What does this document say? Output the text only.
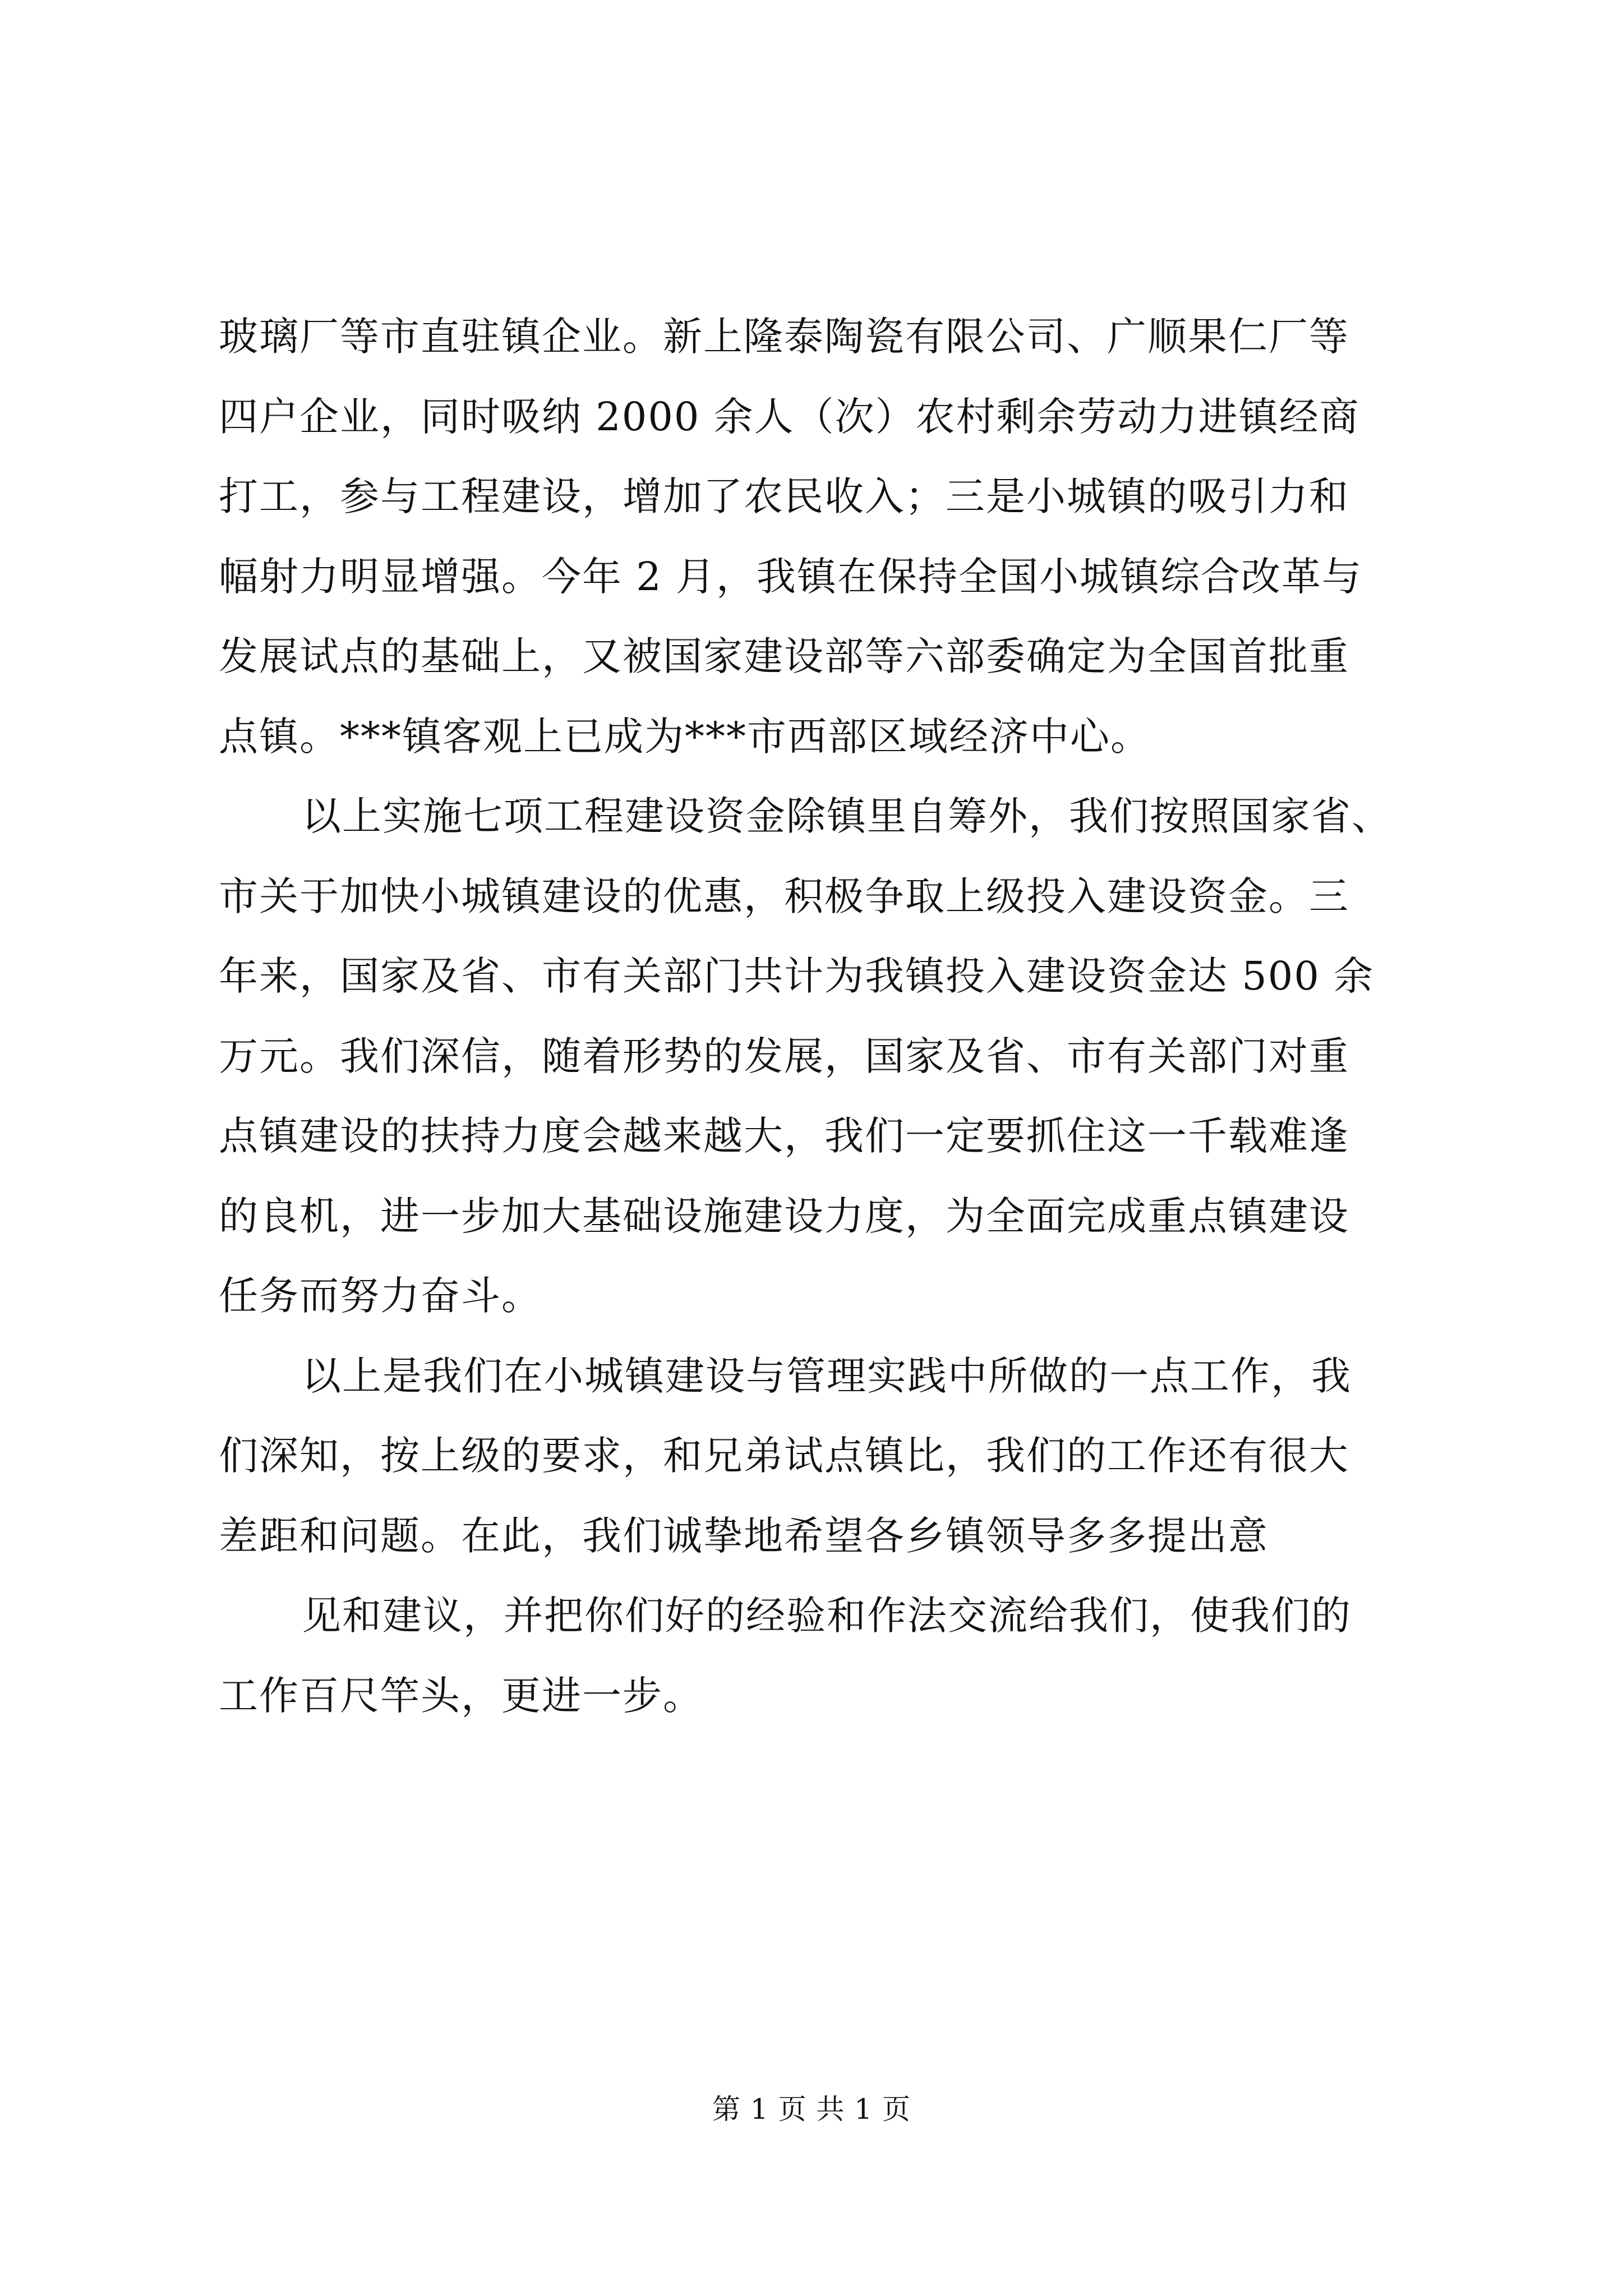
玻璃厂等市直驻镇企业。新上隆泰陶瓷有限公司、广顺果仁厂等
四户企业，同时吸纳 2000 余人（次）农村剩余劳动力进镇经商
打工，参与工程建设，增加了农民收入；三是小城镇的吸引力和
幅射力明显增强。今年 2 月，我镇在保持全国小城镇综合改革与
发展试点的基础上，又被国家建设部等六部委确定为全国首批重
点镇。***镇客观上已成为***市西部区域经济中心。
以上实施七项工程建设资金除镇里自筹外，我们按照国家省、
市关于加快小城镇建设的优惠，积极争取上级投入建设资金。三
年来，国家及省、市有关部门共计为我镇投入建设资金达 500 余
万元。我们深信，随着形势的发展，国家及省、市有关部门对重
点镇建设的扶持力度会越来越大，我们一定要抓住这一千载难逢
的良机，进一步加大基础设施建设力度，为全面完成重点镇建设
任务而努力奋斗。
以上是我们在小城镇建设与管理实践中所做的一点工作，我
们深知，按上级的要求，和兄弟试点镇比，我们的工作还有很大
差距和问题。在此，我们诚挚地希望各乡镇领导多多提出意
见和建议，并把你们好的经验和作法交流给我们，使我们的
工作百尺竿头，更进一步。
第 1 页 共 1 页
